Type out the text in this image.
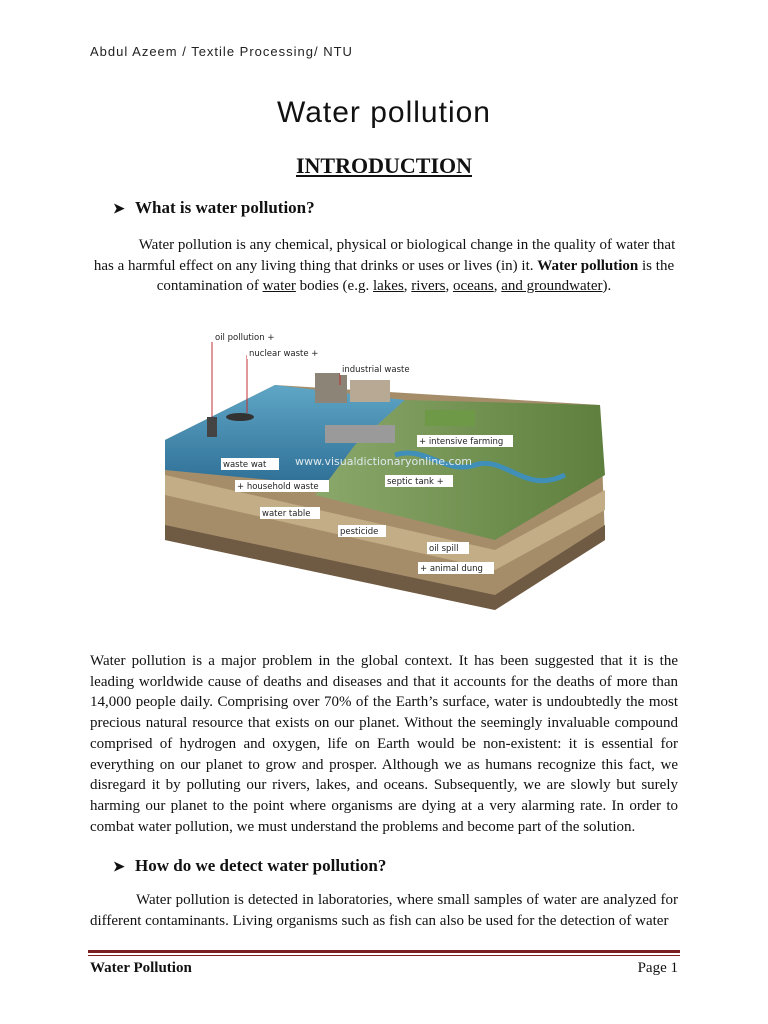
Abdul Azeem / Textile Processing/ NTU
Water pollution
INTRODUCTION
➤ What is water pollution?
Water pollution is any chemical, physical or biological change in the quality of water that has a harmful effect on any living thing that drinks or uses or lives (in) it. Water pollution is the contamination of water bodies (e.g. lakes, rivers, oceans, and groundwater).
www.visualdictionaryonline.com
oil pollution +
nuclear waste +
industrial waste
+ intensive farming
waste wat
+ household waste	septic tank +
water table
pesticide
oil spill
+ animal dung
Water pollution is a major problem in the global context. It has been suggested that it is the leading worldwide cause of deaths and diseases and that it accounts for the deaths of more than 14,000 people daily. Comprising over 70% of the Earth’s surface, water is undoubtedly the most precious natural resource that exists on our planet. Without the seemingly invaluable compound comprised of hydrogen and oxygen, life on Earth would be non-existent: it is essential for everything on our planet to grow and prosper. Although we as humans recognize this fact, we disregard it by polluting our rivers, lakes, and oceans. Subsequently, we are slowly but surely harming our planet to the point where organisms are dying at a very alarming rate. In order to combat water pollution, we must understand the problems and become part of the solution.
➤ How do we detect water pollution?
Water pollution is detected in laboratories, where small samples of water are analyzed for different contaminants. Living organisms such as fish can also be used for the detection of water
Water Pollution	Page 1
